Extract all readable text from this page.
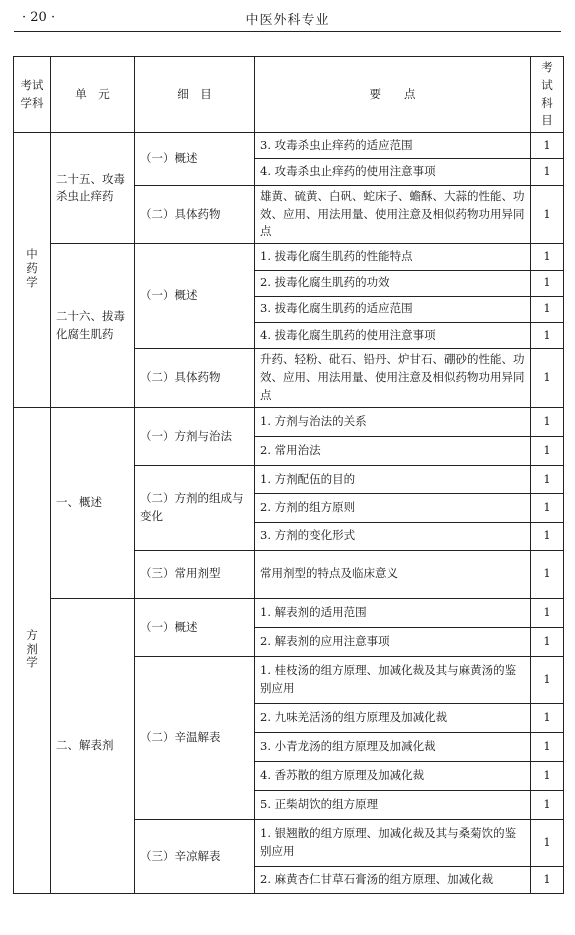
· 20 ·	中医外科专业
考试学科	单　元	细　目	要　　点	考试科目
中药学	二十五、攻毒杀虫止痒药	（一）概述	3. 攻毒杀虫止痒药的适应范围	1
			4. 攻毒杀虫止痒药的使用注意事项	1
		（二）具体药物	雄黄、硫黄、白矾、蛇床子、蟾酥、大蒜的性能、功效、应用、用法用量、使用注意及相似药物功用异同点	1
	二十六、拔毒化腐生肌药	（一）概述	1. 拔毒化腐生肌药的性能特点	1
			2. 拔毒化腐生肌药的功效	1
			3. 拔毒化腐生肌药的适应范围	1
			4. 拔毒化腐生肌药的使用注意事项	1
		（二）具体药物	升药、轻粉、砒石、铅丹、炉甘石、硼砂的性能、功效、应用、用法用量、使用注意及相似药物功用异同点	1
方剂学	一、概述	（一）方剂与治法	1. 方剂与治法的关系	1
			2. 常用治法	1
		（二）方剂的组成与变化	1. 方剂配伍的目的	1
			2. 方剂的组方原则	1
			3. 方剂的变化形式	1
		（三）常用剂型	常用剂型的特点及临床意义	1
	二、解表剂	（一）概述	1. 解表剂的适用范围	1
			2. 解表剂的应用注意事项	1
		（二）辛温解表	1. 桂枝汤的组方原理、加减化裁及其与麻黄汤的鉴别应用	1
			2. 九味羌活汤的组方原理及加减化裁	1
			3. 小青龙汤的组方原理及加减化裁	1
			4. 香苏散的组方原理及加减化裁	1
			5. 正柴胡饮的组方原理	1
		（三）辛凉解表	1. 银翘散的组方原理、加减化裁及其与桑菊饮的鉴别应用	1
			2. 麻黄杏仁甘草石膏汤的组方原理、加减化裁	1
